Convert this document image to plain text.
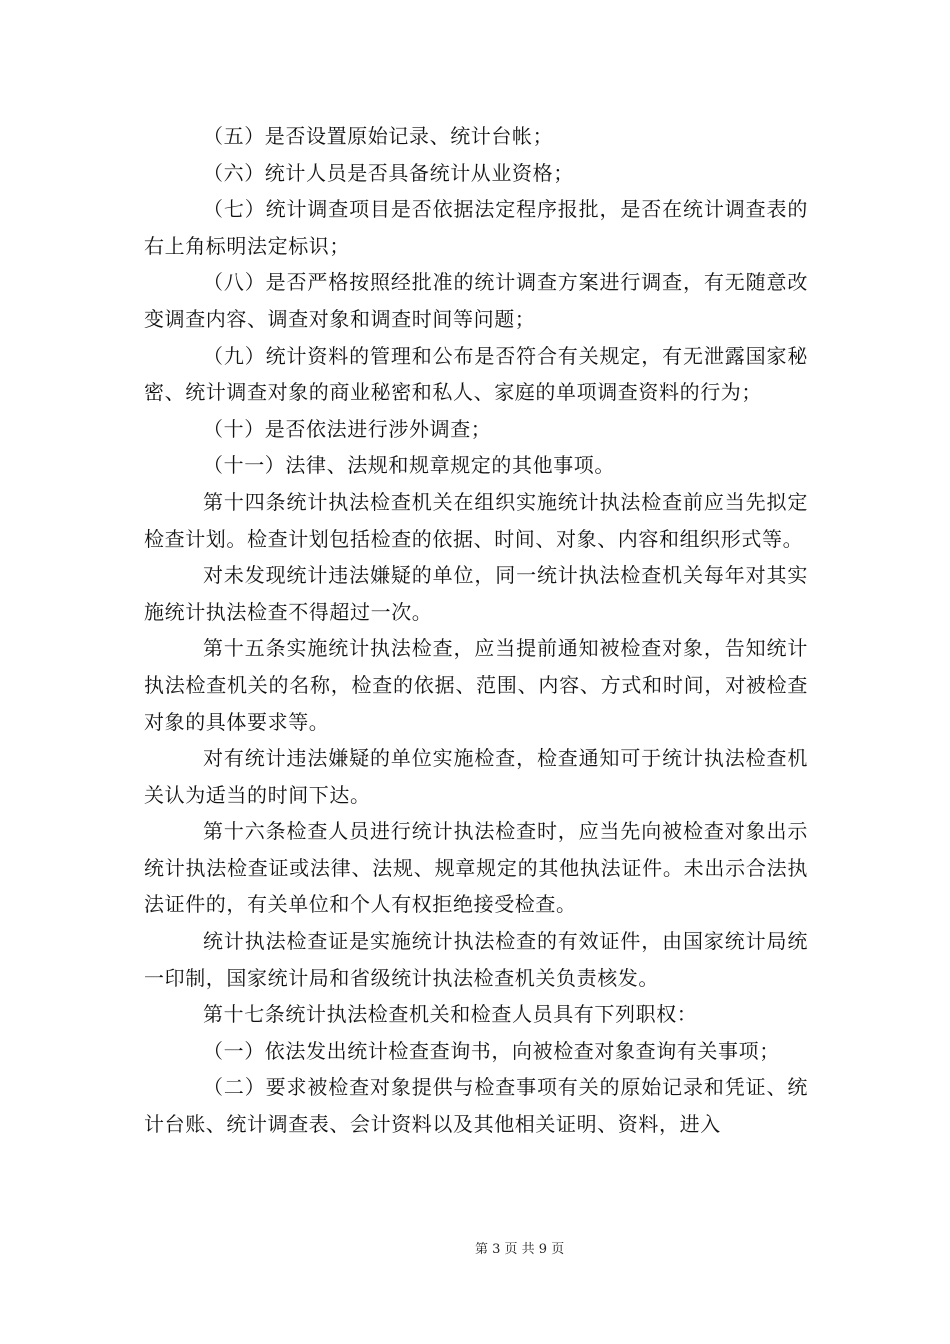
（五）是否设置原始记录、统计台帐；

（六）统计人员是否具备统计从业资格；

（七）统计调查项目是否依据法定程序报批，是否在统计调查表的右上角标明法定标识；

（八）是否严格按照经批准的统计调查方案进行调查，有无随意改变调查内容、调查对象和调查时间等问题；

（九）统计资料的管理和公布是否符合有关规定，有无泄露国家秘密、统计调查对象的商业秘密和私人、家庭的单项调查资料的行为；

（十）是否依法进行涉外调查；

（十一）法律、法规和规章规定的其他事项。

第十四条统计执法检查机关在组织实施统计执法检查前应当先拟定检查计划。检查计划包括检查的依据、时间、对象、内容和组织形式等。

对未发现统计违法嫌疑的单位，同一统计执法检查机关每年对其实施统计执法检查不得超过一次。

第十五条实施统计执法检查，应当提前通知被检查对象，告知统计执法检查机关的名称，检查的依据、范围、内容、方式和时间，对被检查对象的具体要求等。

对有统计违法嫌疑的单位实施检查，检查通知可于统计执法检查机关认为适当的时间下达。

第十六条检查人员进行统计执法检查时，应当先向被检查对象出示统计执法检查证或法律、法规、规章规定的其他执法证件。未出示合法执法证件的，有关单位和个人有权拒绝接受检查。

统计执法检查证是实施统计执法检查的有效证件，由国家统计局统一印制，国家统计局和省级统计执法检查机关负责核发。

第十七条统计执法检查机关和检查人员具有下列职权：

（一）依法发出统计检查查询书，向被检查对象查询有关事项；

（二）要求被检查对象提供与检查事项有关的原始记录和凭证、统计台账、统计调查表、会计资料以及其他相关证明、资料，进入

第 3 页 共 9 页
